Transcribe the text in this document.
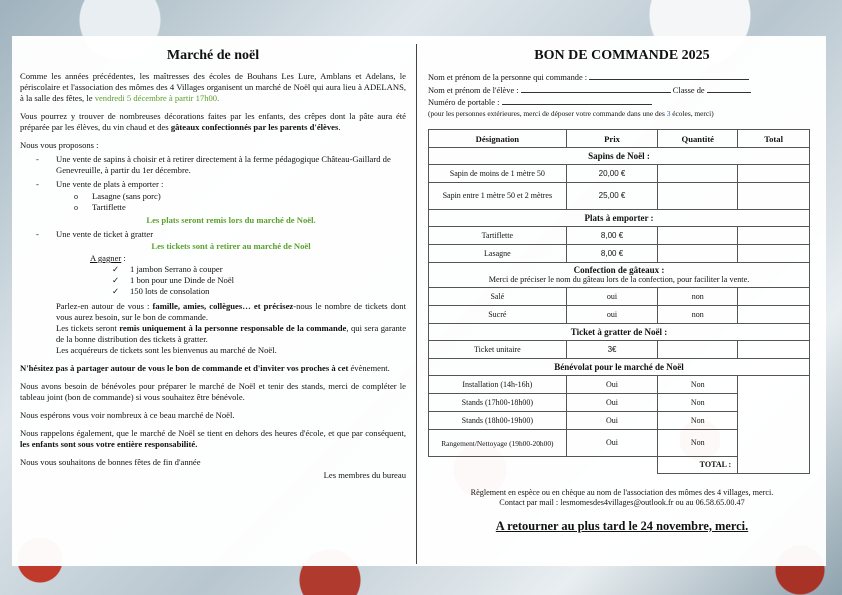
Marché de noël

Comme les années précédentes, les maîtresses des écoles de Bouhans Les Lure, Amblans et Adelans, le périscolaire et l'association des mômes des 4 Villages organisent un marché de Noël qui aura lieu à ADELANS, à la salle des fêtes, le vendredi 5 décembre à partir 17h00.

Vous pourrez y trouver de nombreuses décorations faites par les enfants, des crêpes dont la pâte aura été préparée par les élèves, du vin chaud et des gâteaux confectionnés par les parents d'élèves.

Nous vous proposons :
- Une vente de sapins à choisir et à retirer directement à la ferme pédagogique Château-Gaillard de Genevreuille, à partir du 1er décembre.
- Une vente de plats à emporter :
o Lasagne (sans porc)
o Tartiflette
Les plats seront remis lors du marché de Noël.
- Une vente de ticket à gratter
Les tickets sont à retirer au marché de Noël
A gagner :
✓ 1 jambon Serrano à couper
✓ 1 bon pour une Dinde de Noël
✓ 150 lots de consolation

Parlez-en autour de vous : famille, amies, collègues… et précisez-nous le nombre de tickets dont vous aurez besoin, sur le bon de commande.

Les tickets seront remis uniquement à la personne responsable de la commande, qui sera garante de la bonne distribution des tickets à gratter.

Les acquéreurs de tickets sont les bienvenus au marché de Noël.

N'hésitez pas à partager autour de vous le bon de commande et d'inviter vos proches à cet évènement.

Nous avons besoin de bénévoles pour préparer le marché de Noël et tenir des stands, merci de compléter le tableau joint (bon de commande) si vous souhaitez être bénévole.

Nous espérons vous voir nombreux à ce beau marché de Noël.

Nous rappelons également, que le marché de Noël se tient en dehors des heures d'école, et que par conséquent, les enfants sont sous votre entière responsabilité.

Nous vous souhaitons de bonnes fêtes de fin d'année

Les membres du bureau
BON DE COMMANDE 2025
Nom et prénom de la personne qui commande :
Nom et prénom de l'élève :	Classe de
Numéro de portable :
(pour les personnes extérieures, merci de déposer votre commande dans une des 3 écoles, merci)
Désignation	Prix	Quantité	Total
Sapins de Noël :			
Sapin de moins de 1 mètre 50	20,00 €		
Sapin entre 1 mètre 50 et 2 mètres	25,00 €		
Plats à emporter :			
Tartiflette	8,00 €		
Lasagne	8,00 €		

Confection de gâteaux :
Merci de préciser le nom du gâteau lors de la confection, pour faciliter la vente.			

Salé	oui	non	
Sucré	oui	non	
Ticket à gratter de Noël :			
Ticket unitaire	3€		
Bénévolat pour le marché de Noël			
Installation (14h-16h)	Oui	Non	
Stands (17h00-18h00)	Oui	Non	
Stands (18h00-19h00)	Oui	Non	
Rangement/Nettoyage (19h00-20h00)	Oui	Non	
		TOTAL :	
Règlement en espèce ou en chèque au nom de l'association des mômes des 4 villages, merci.
Contact par mail : lesmomesdes4villages@outlook.fr ou au 06.58.65.00.47
A retourner au plus tard le 24 novembre, merci.
